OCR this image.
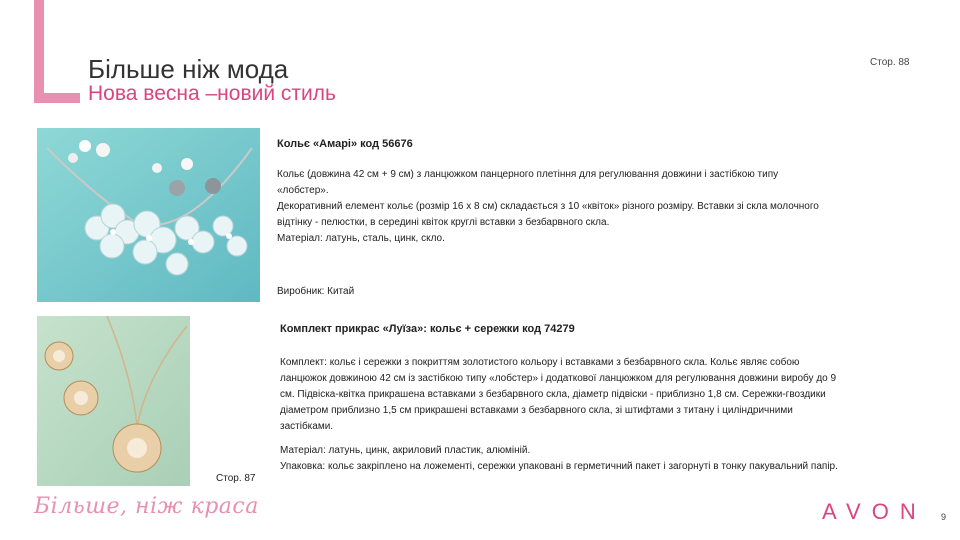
Більше ніж мода
Нова весна –новий стиль
Стор. 88
Кольє «Амарі» код 56676
Кольє (довжина 42 см + 9 см) з ланцюжком панцерного плетіння для регулювання довжини і застібкою типу
«лобстер».
Декоративний елемент кольє (розмір 16 х 8 см) складається з 10 «квіток» різного розміру. Вставки зі скла молочного
відтінку - пелюстки, в середині квіток круглі вставки з безбарвного скла.
Матеріал: латунь, сталь, цинк, скло.
Виробник: Китай
Комплект прикрас «Луїза»: кольє + сережки код 74279
Комплект: кольє і сережки з покриттям золотистого кольору і вставками з безбарвного скла. Кольє являє собою
ланцюжок довжиною 42 см із застібкою типу «лобстер» і додаткової ланцюжком для регулювання довжини виробу до 9
см. Підвіска-квітка прикрашена вставками з безбарвного скла, діаметр підвіски - приблизно 1,8 см. Сережки-гвоздики
діаметром приблизно 1,5 см прикрашені вставками з безбарвного скла, зі штифтами з титану і циліндричними
застібками.
Матеріал: латунь, цинк, акриловий пластик, алюміній.
Упаковка: кольє закріплено на ложементі, сережки упаковані в герметичний пакет і загорнуті в тонку пакувальний папір.
Стор. 87
Більше, ніж краса	AVON 9
